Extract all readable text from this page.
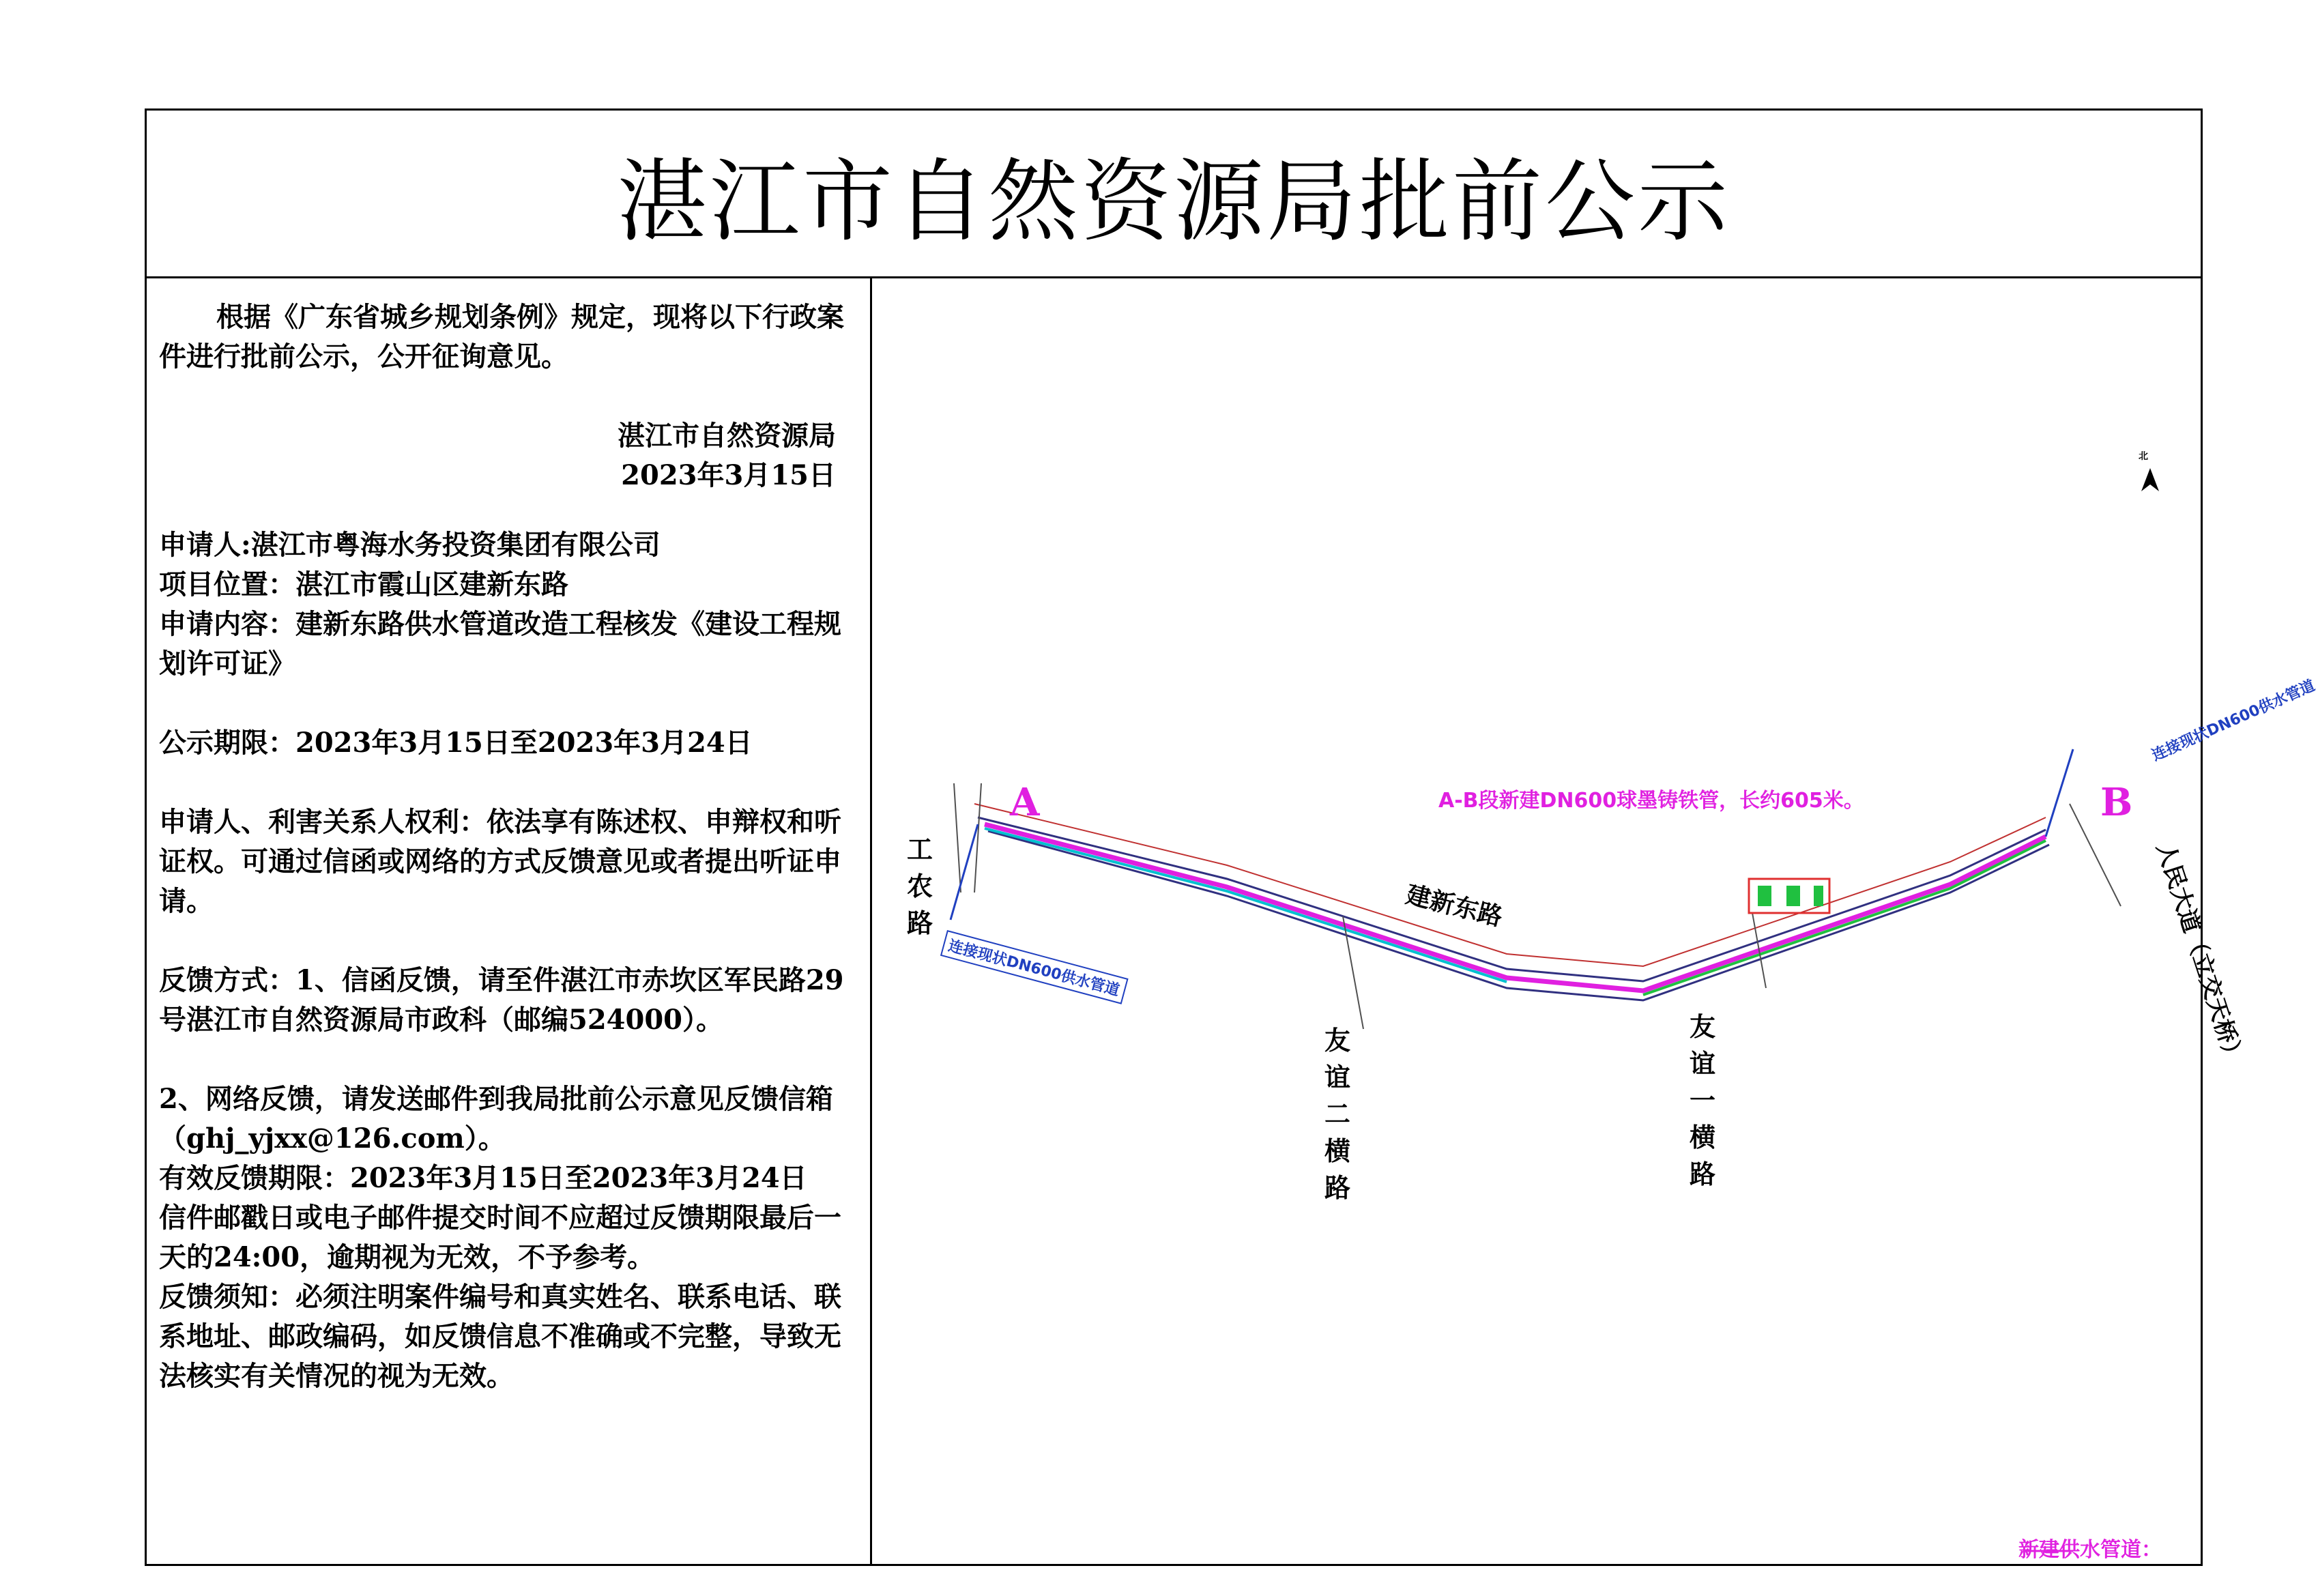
湛江市自然资源局批前公示

根据《广东省城乡规划条例》规定，现将以下行政案件进行批前公示，公开征询意见。

湛江市自然资源局

2023年3月15日

申请人:湛江市粤海水务投资集团有限公司

项目位置：湛江市霞山区建新东路

申请内容：建新东路供水管道改造工程核发《建设工程规划许可证》

公示期限：2023年3月15日至2023年3月24日

申请人、利害关系人权利：依法享有陈述权、申辩权和听证权。可通过信函或网络的方式反馈意见或者提出听证申请。

反馈方式：1、信函反馈，请至件湛江市赤坎区军民路29号湛江市自然资源局市政科（邮编524000）。

2、网络反馈，请发送邮件到我局批前公示意见反馈信箱（ghj_yjxx@126.com）。

有效反馈期限：2023年3月15日至2023年3月24日

信件邮戳日或电子邮件提交时间不应超过反馈期限最后一天的24:00，逾期视为无效，不予参考。

反馈须知：必须注明案件编号和真实姓名、联系电话、联系地址、邮政编码，如反馈信息不准确或不完整，导致无法核实有关情况的视为无效。

A	B
A-B段新建DN600球墨铸铁管，长约605米。
建新东路
连接现状DN600供水管道
连接现状DN600供水管道
人民大道（立交天桥）
新建供水管道：
北
工农路
友谊二横路
友谊一横路
